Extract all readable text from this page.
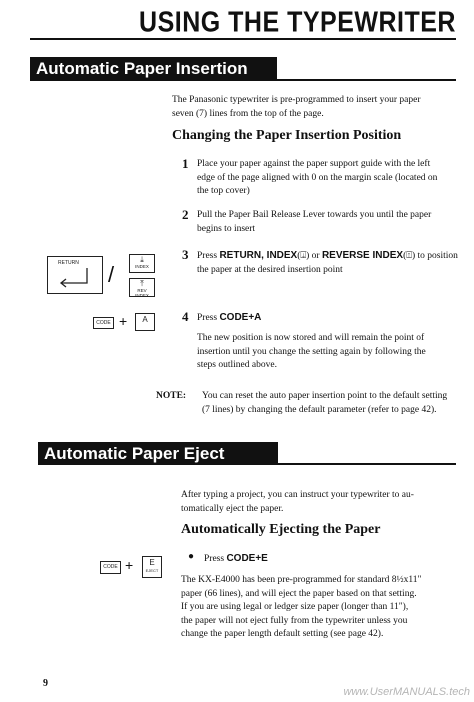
USING THE TYPEWRITER
Automatic Paper Insertion
The Panasonic typewriter is pre-programmed to insert your paper
seven (7) lines from the top of the page.
Changing the Paper Insertion Position
1 Place your paper against the paper support guide with the left
edge of the page aligned with 0 on the margin scale (located on
the top cover)
2 Pull the Paper Bail Release Lever towards you until the paper
begins to insert
3 Press RETURN, INDEX(⍗) or REVERSE INDEX(⍐) to position
the paper at the desired insertion point
RETURN /
⤓
INDEX
⤒
REV INDEX
4 Press CODE+A
The new position is now stored and will remain the point of
insertion until you change the setting again by following the
steps outlined above.
CODE +	A
NOTE: You can reset the auto paper insertion point to the default setting
(7 lines) by changing the default parameter (refer to page 42).
Automatic Paper Eject
After typing a project, you can instruct your typewriter to au-
tomatically eject the paper.
Automatically Ejecting the Paper
● Press CODE+E
CODE +	E
EJECT
The KX-E4000 has been pre-programmed for standard 8½x11"
paper (66 lines), and will eject the paper based on that setting.
If you are using legal or ledger size paper (longer than 11"),
the paper will not eject fully from the typewriter unless you
change the paper length default setting (see page 42).
9
www.UserMANUALS.tech
